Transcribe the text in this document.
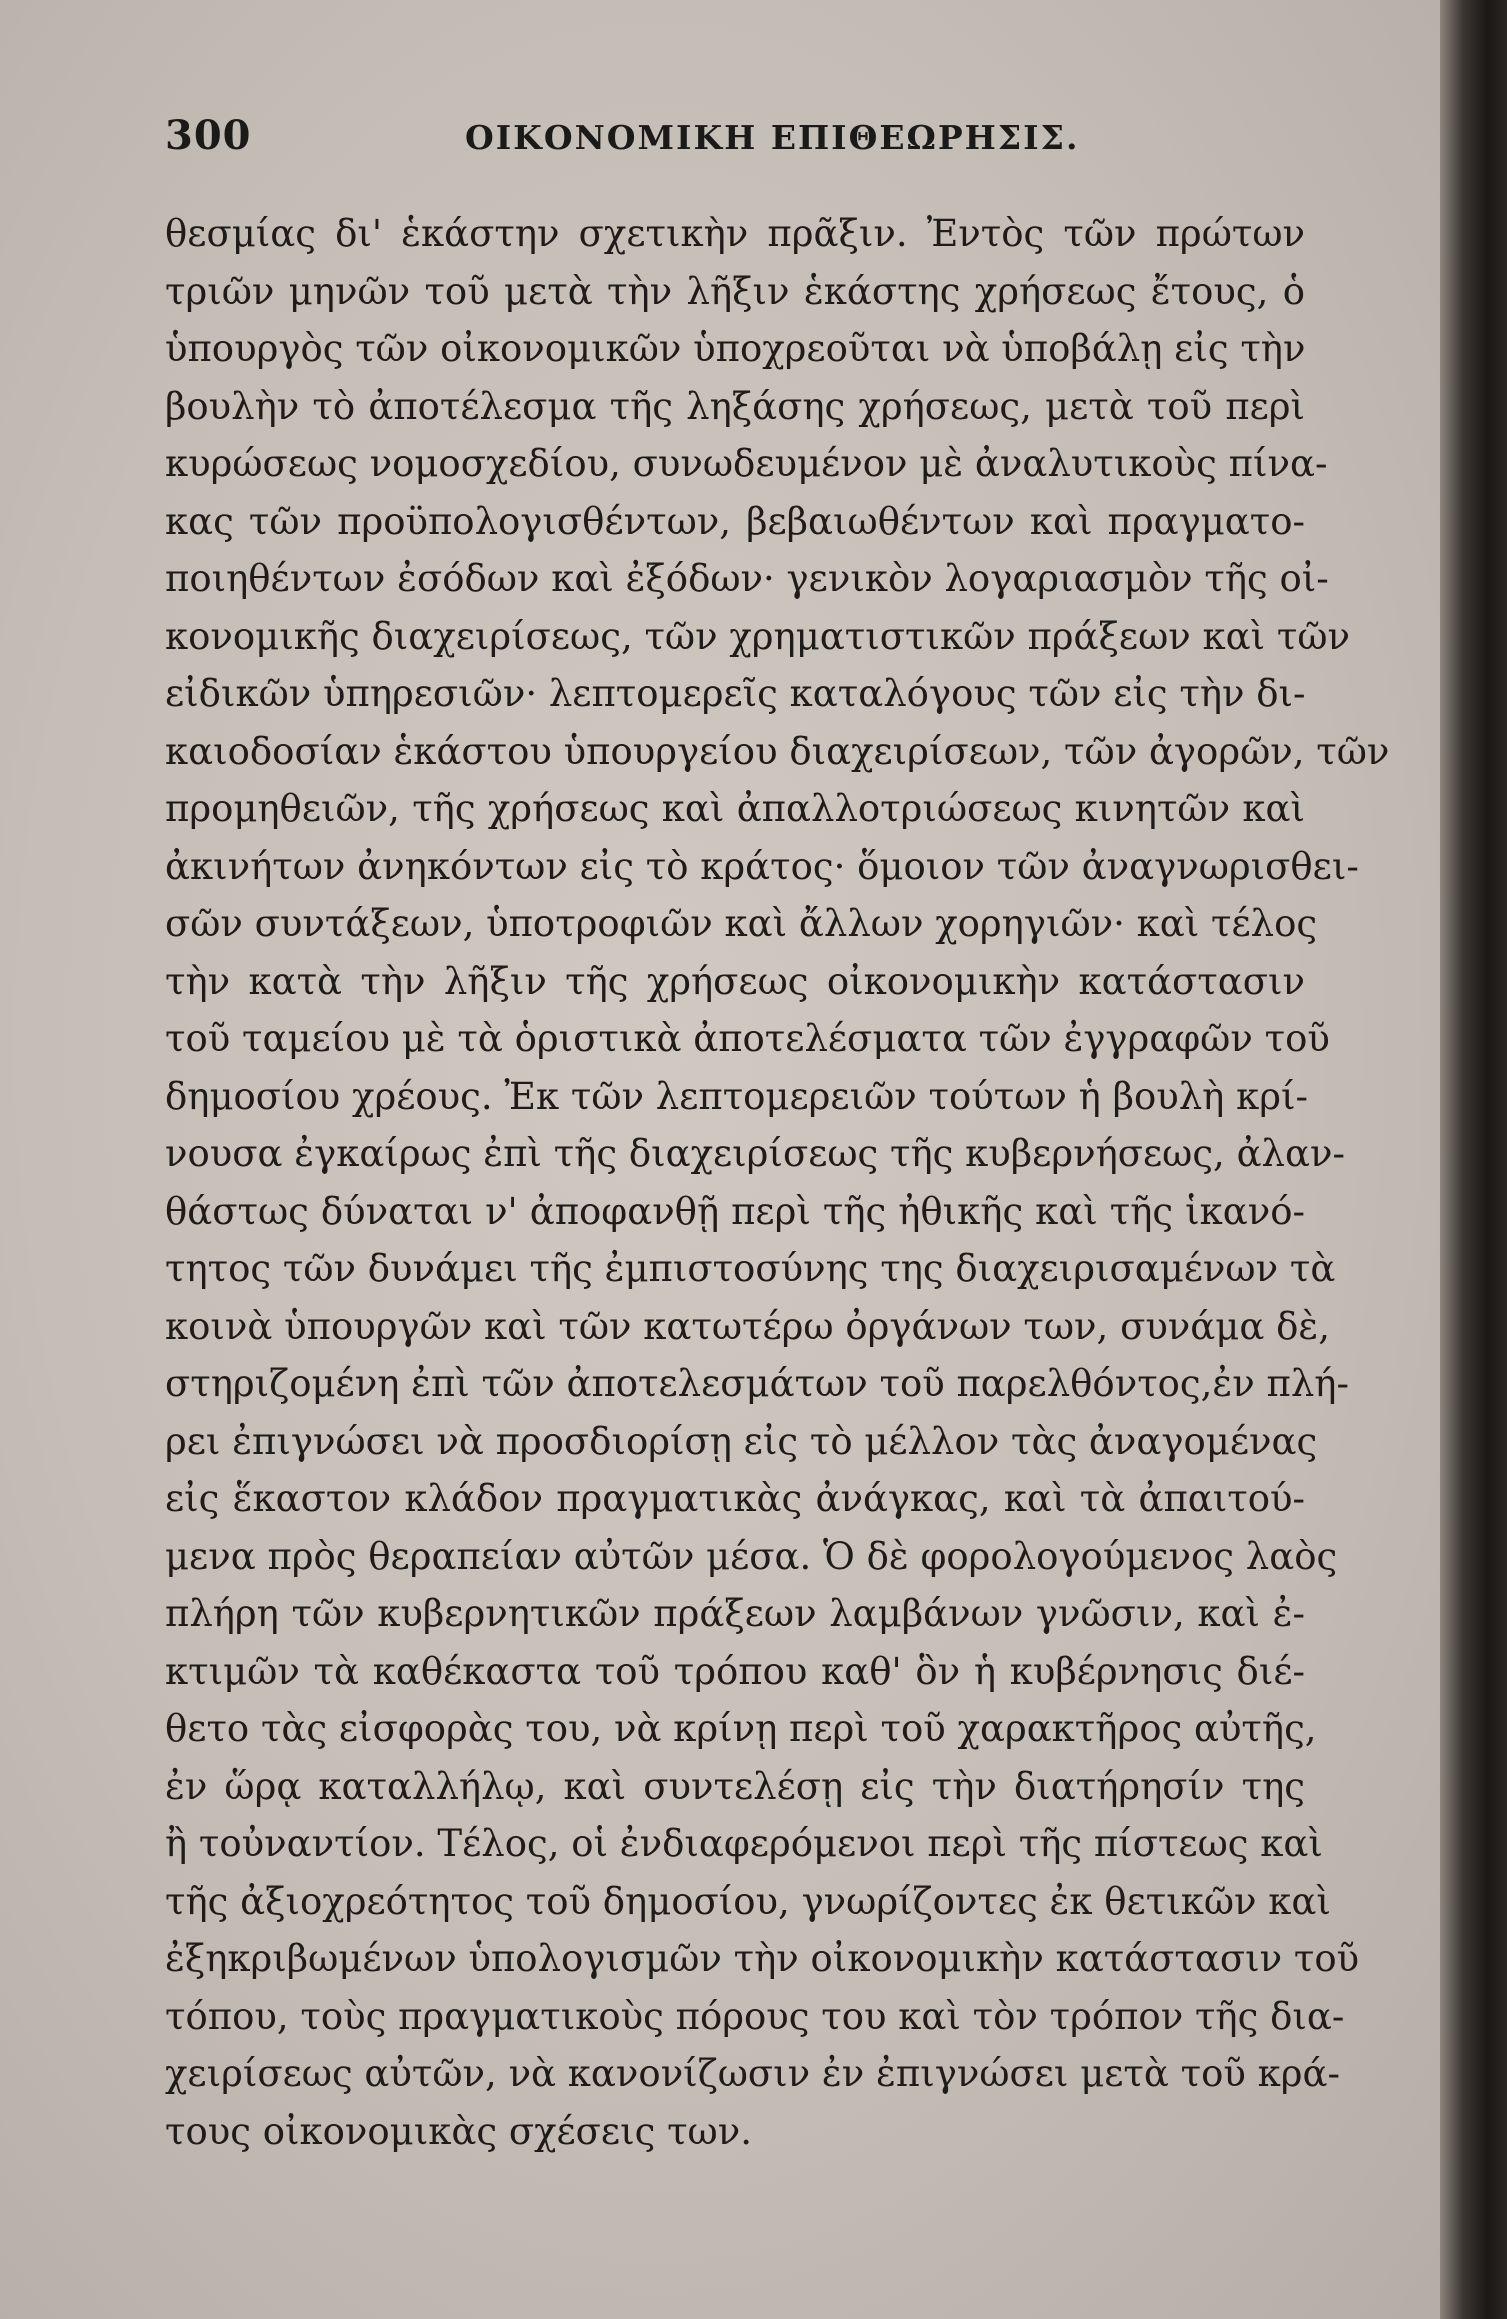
300	ΟΙΚΟΝΟΜΙΚΗ ΕΠΙΘΕΩΡΗΣΙΣ.
θεσμίας δι' ἑκάστην σχετικὴν πρᾶξιν. Ἐντὸς τῶν πρώτων
τριῶν μηνῶν τοῦ μετὰ τὴν λῆξιν ἑκάστης χρήσεως ἔτους, ὁ
ὑπουργὸς τῶν οἰκονομικῶν ὑποχρεοῦται νὰ ὑποβάλῃ εἰς τὴν
βουλὴν τὸ ἀποτέλεσμα τῆς ληξάσης χρήσεως, μετὰ τοῦ περὶ
κυρώσεως νομοσχεδίου, συνωδευμένον μὲ ἀναλυτικοὺς πίνα-
κας τῶν προϋπολογισθέντων, βεβαιωθέντων καὶ πραγματο-
ποιηθέντων ἐσόδων καὶ ἐξόδων· γενικὸν λογαριασμὸν τῆς οἰ-
κονομικῆς διαχειρίσεως, τῶν χρηματιστικῶν πράξεων καὶ τῶν
εἰδικῶν ὑπηρεσιῶν· λεπτομερεῖς καταλόγους τῶν εἰς τὴν δι-
καιοδοσίαν ἑκάστου ὑπουργείου διαχειρίσεων, τῶν ἀγορῶν, τῶν
προμηθειῶν, τῆς χρήσεως καὶ ἀπαλλοτριώσεως κινητῶν καὶ
ἀκινήτων ἀνηκόντων εἰς τὸ κράτος· ὅμοιον τῶν ἀναγνωρισθει-
σῶν συντάξεων, ὑποτροφιῶν καὶ ἄλλων χορηγιῶν· καὶ τέλος
τὴν κατὰ τὴν λῆξιν τῆς χρήσεως οἰκονομικὴν κατάστασιν
τοῦ ταμείου μὲ τὰ ὁριστικὰ ἀποτελέσματα τῶν ἐγγραφῶν τοῦ
δημοσίου χρέους. Ἐκ τῶν λεπτομερειῶν τούτων ἡ βουλὴ κρί-
νουσα ἐγκαίρως ἐπὶ τῆς διαχειρίσεως τῆς κυβερνήσεως, ἀλαν-
θάστως δύναται ν' ἀποφανθῇ περὶ τῆς ἠθικῆς καὶ τῆς ἱκανό-
τητος τῶν δυνάμει τῆς ἐμπιστοσύνης της διαχειρισαμένων τὰ
κοινὰ ὑπουργῶν καὶ τῶν κατωτέρω ὀργάνων των, συνάμα δὲ,
στηριζομένη ἐπὶ τῶν ἀποτελεσμάτων τοῦ παρελθόντος,ἐν πλή-
ρει ἐπιγνώσει νὰ προσδιορίσῃ εἰς τὸ μέλλον τὰς ἀναγομένας
εἰς ἕκαστον κλάδον πραγματικὰς ἀνάγκας, καὶ τὰ ἀπαιτού-
μενα πρὸς θεραπείαν αὐτῶν μέσα. Ὁ δὲ φορολογούμενος λαὸς
πλήρη τῶν κυβερνητικῶν πράξεων λαμβάνων γνῶσιν, καὶ ἐ-
κτιμῶν τὰ καθέκαστα τοῦ τρόπου καθ' ὃν ἡ κυβέρνησις διέ-
θετο τὰς εἰσφορὰς του, νὰ κρίνῃ περὶ τοῦ χαρακτῆρος αὐτῆς,
ἐν ὥρᾳ καταλλήλῳ, καὶ συντελέσῃ εἰς τὴν διατήρησίν της
ἢ τοὐναντίον. Τέλος, οἱ ἐνδιαφερόμενοι περὶ τῆς πίστεως καὶ
τῆς ἀξιοχρεότητος τοῦ δημοσίου, γνωρίζοντες ἐκ θετικῶν καὶ
ἐξηκριβωμένων ὑπολογισμῶν τὴν οἰκονομικὴν κατάστασιν τοῦ
τόπου, τοὺς πραγματικοὺς πόρους του καὶ τὸν τρόπον τῆς δια-
χειρίσεως αὐτῶν, νὰ κανονίζωσιν ἐν ἐπιγνώσει μετὰ τοῦ κρά-
τους οἰκονομικὰς σχέσεις των.
